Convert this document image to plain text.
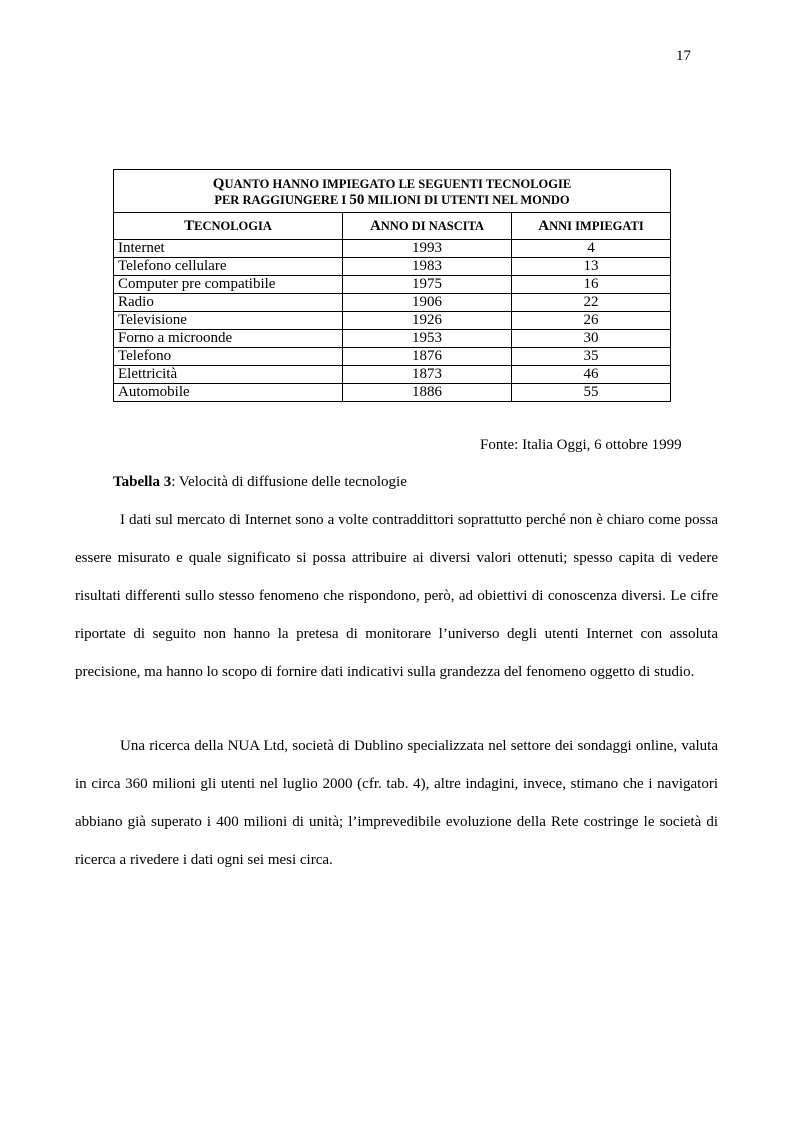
17
QUANTO HANNO IMPIEGATO LE SEGUENTI TECNOLOGIE
PER RAGGIUNGERE I 50 MILIONI DI UTENTI NEL MONDO		
TECNOLOGIA	ANNO DI NASCITA	ANNI IMPIEGATI
Internet	1993	4
Telefono cellulare	1983	13
Computer pre compatibile	1975	16
Radio	1906	22
Televisione	1926	26
Forno a microonde	1953	30
Telefono	1876	35
Elettricità	1873	46
Automobile	1886	55
Fonte: Italia Oggi, 6 ottobre 1999
Tabella 3: Velocità di diffusione delle tecnologie
I dati sul mercato di Internet sono a volte contraddittori soprattutto perché non è chiaro come possa essere misurato e quale significato si possa attribuire ai diversi valori ottenuti; spesso capita di vedere risultati differenti sullo stesso fenomeno che rispondono, però, ad obiettivi di conoscenza diversi. Le cifre riportate di seguito non hanno la pretesa di monitorare l’universo degli utenti Internet con assoluta precisione, ma hanno lo scopo di fornire dati indicativi sulla grandezza del fenomeno oggetto di studio.
Una ricerca della NUA Ltd, società di Dublino specializzata nel settore dei sondaggi online, valuta in circa 360 milioni gli utenti nel luglio 2000 (cfr. tab. 4), altre indagini, invece, stimano che i navigatori abbiano già superato i 400 milioni di unità; l’imprevedibile evoluzione della Rete costringe le società di ricerca a rivedere i dati ogni sei mesi circa.
